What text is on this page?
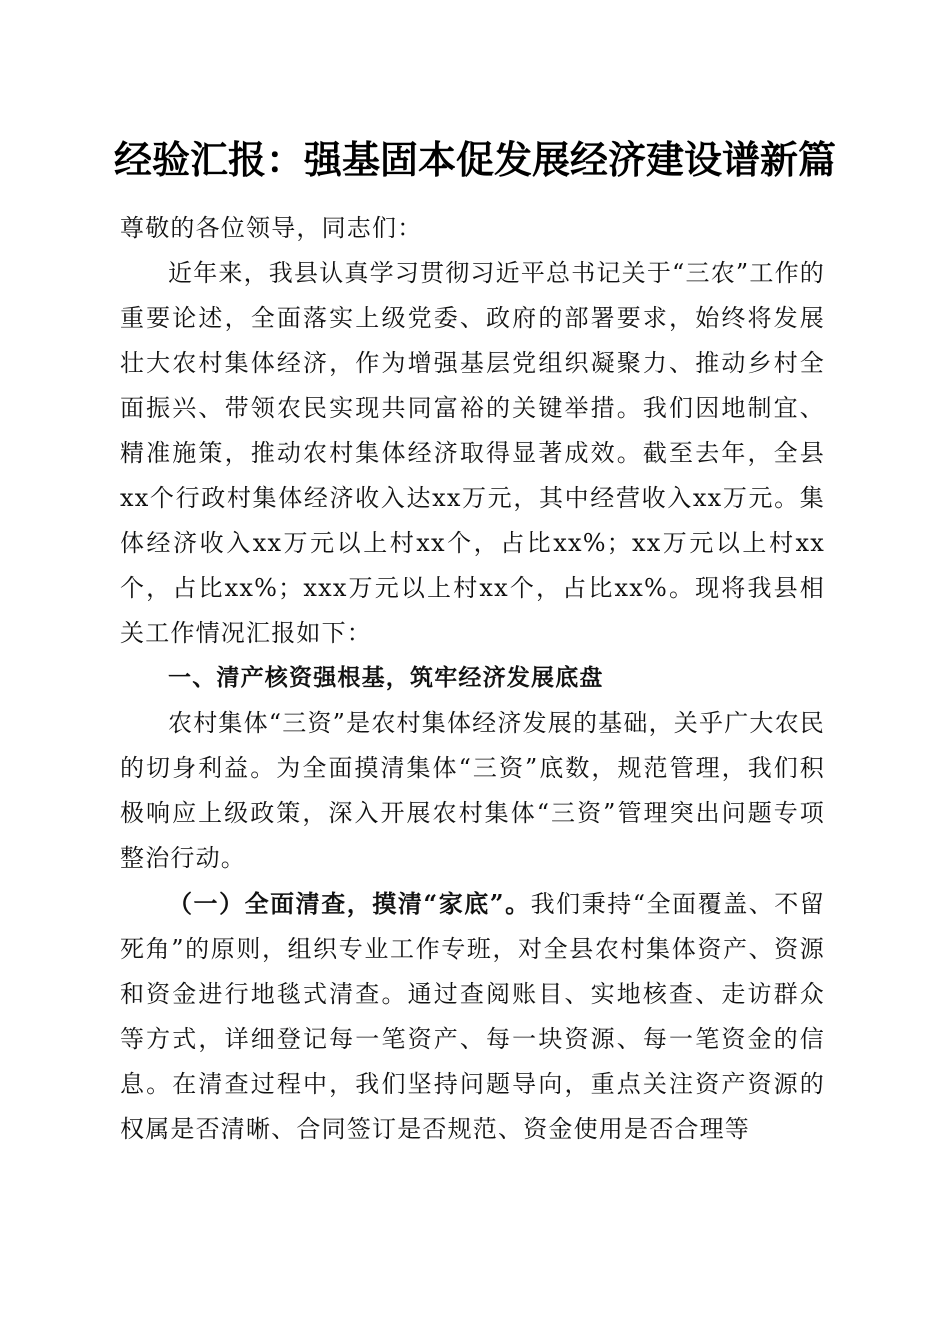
经验汇报：强基固本促发展经济建设谱新篇

尊敬的各位领导，同志们：

近年来，我县认真学习贯彻习近平总书记关于“三农”工作的重要论述，全面落实上级党委、政府的部署要求，始终将发展壮大农村集体经济，作为增强基层党组织凝聚力、推动乡村全面振兴、带领农民实现共同富裕的关键举措。我们因地制宜、精准施策，推动农村集体经济取得显著成效。截至去年，全县xx个行政村集体经济收入达xx万元，其中经营收入xx万元。集体经济收入xx万元以上村xx个，占比xx%；xx万元以上村xx个，占比xx%；xxx万元以上村xx个，占比xx%。现将我县相关工作情况汇报如下：

一、清产核资强根基，筑牢经济发展底盘

农村集体“三资”是农村集体经济发展的基础，关乎广大农民的切身利益。为全面摸清集体“三资”底数，规范管理，我们积极响应上级政策，深入开展农村集体“三资”管理突出问题专项整治行动。

（一）全面清查，摸清“家底”。我们秉持“全面覆盖、不留死角”的原则，组织专业工作专班，对全县农村集体资产、资源和资金进行地毯式清查。通过查阅账目、实地核查、走访群众等方式，详细登记每一笔资产、每一块资源、每一笔资金的信息。在清查过程中，我们坚持问题导向，重点关注资产资源的权属是否清晰、合同签订是否规范、资金使用是否合理等
